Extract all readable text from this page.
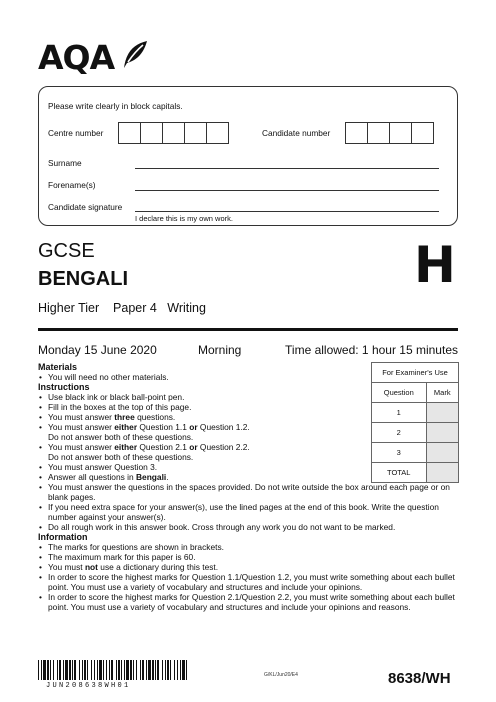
AQA
Please write clearly in block capitals.
Centre number	Candidate number
Surname
Forename(s)
Candidate signature
I declare this is my own work.
GCSE
BENGALI
Higher Tier Paper 4 Writing
H
Monday 15 June 2020	Morning	Time allowed: 1 hour 15 minutes
For Examiner's Use	
Question	Mark
1	
2	
3	
TOTAL	
Materials
• You will need no other materials.
Instructions
• Use black ink or black ball-point pen.
• Fill in the boxes at the top of this page.
• You must answer three questions.
• You must answer either Question 1.1 or Question 1.2.
Do not answer both of these questions.
• You must answer either Question 2.1 or Question 2.2.
Do not answer both of these questions.
• You must answer Question 3.
• Answer all questions in Bengali.
• You must answer the questions in the spaces provided. Do not write outside the box around each page or on blank pages.
• If you need extra space for your answer(s), use the lined pages at the end of this book. Write the question number against your answer(s).
• Do all rough work in this answer book. Cross through any work you do not want to be marked.
Information
• The marks for questions are shown in brackets.
• The maximum mark for this paper is 60.
• You must not use a dictionary during this test.
• In order to score the highest marks for Question 1.1/Question 1.2, you must write something about each bullet point. You must use a variety of vocabulary and structures and include your opinions.
• In order to score the highest marks for Question 2.1/Question 2.2, you must write something about each bullet point. You must use a variety of vocabulary and structures and include your opinions and reasons.
JUN208638WH01
G/KL/Jun20/E4	8638/WH
